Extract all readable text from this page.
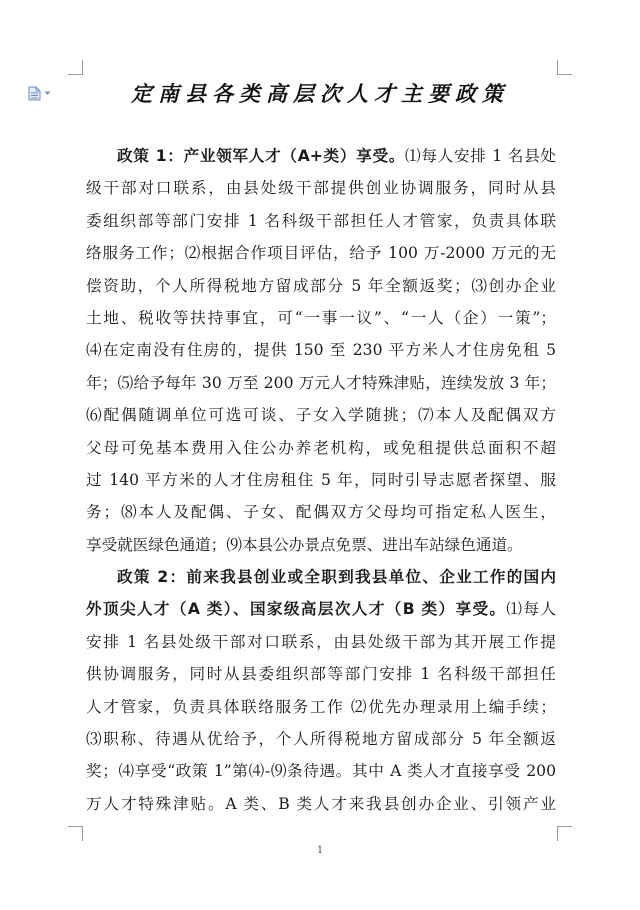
定南县各类高层次人才主要政策
政策 1：产业领军人才（A+类）享受。⑴每人安排 1 名县处
级干部对口联系，由县处级干部提供创业协调服务，同时从县
委组织部等部门安排 1 名科级干部担任人才管家，负责具体联
络服务工作；⑵根据合作项目评估，给予 100 万-2000 万元的无
偿资助，个人所得税地方留成部分 5 年全额返奖；⑶创办企业
土地、税收等扶持事宜，可“一事一议”、“一人（企）一策”；
⑷在定南没有住房的，提供 150 至 230 平方米人才住房免租 5
年；⑸给予每年 30 万至 200 万元人才特殊津贴，连续发放 3 年；
⑹配偶随调单位可选可谈、子女入学随挑；⑺本人及配偶双方
父母可免基本费用入住公办养老机构，或免租提供总面积不超
过 140 平方米的人才住房租住 5 年，同时引导志愿者探望、服
务；⑻本人及配偶、子女、配偶双方父母均可指定私人医生，
享受就医绿色通道；⑼本县公办景点免票、进出车站绿色通道。
政策 2：前来我县创业或全职到我县单位、企业工作的国内
外顶尖人才（A 类）、国家级高层次人才（B 类）享受。⑴每人
安排 1 名县处级干部对口联系，由县处级干部为其开展工作提
供协调服务，同时从县委组织部等部门安排 1 名科级干部担任
人才管家，负责具体联络服务工作 ⑵优先办理录用上编手续；
⑶职称、待遇从优给予，个人所得税地方留成部分 5 年全额返
奖；⑷享受“政策 1”第⑷-⑼条待遇。其中 A 类人才直接享受 200
万人才特殊津贴。A 类、B 类人才来我县创办企业、引领产业
1
